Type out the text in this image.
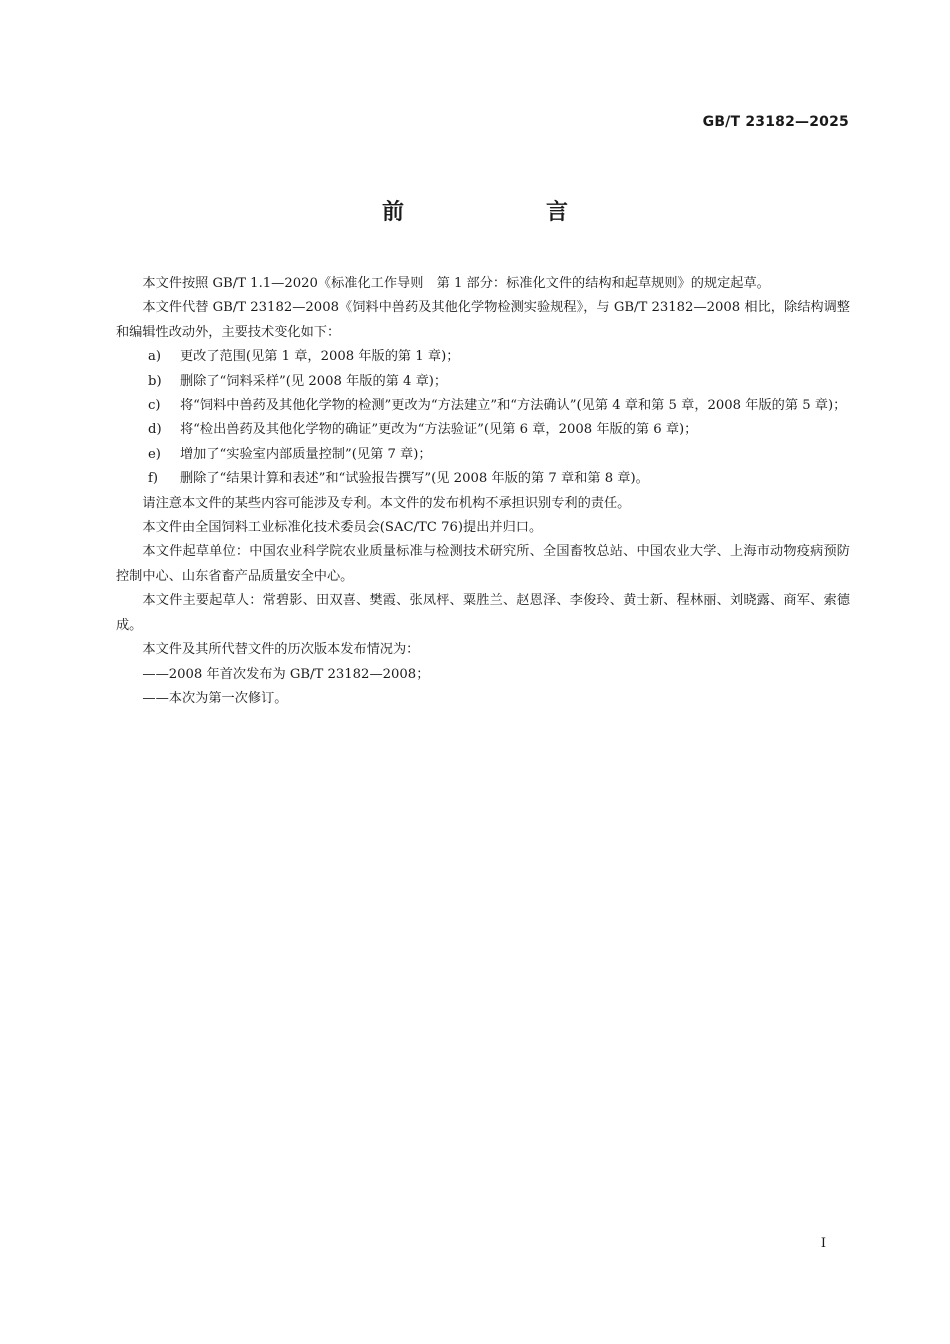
GB/T 23182—2025
前　言

本文件按照 GB/T 1.1—2020《标准化工作导则　第 1 部分：标准化文件的结构和起草规则》的规定起草。

本文件代替 GB/T 23182—2008《饲料中兽药及其他化学物检测实验规程》，与 GB/T 23182—2008 相比，除结构调整和编辑性改动外，主要技术变化如下：

a) 更改了范围(见第 1 章，2008 年版的第 1 章)；
b) 删除了“饲料采样”(见 2008 年版的第 4 章)；
c) 将“饲料中兽药及其他化学物的检测”更改为“方法建立”和“方法确认”(见第 4 章和第 5 章，2008 年版的第 5 章)；
d) 将“检出兽药及其他化学物的确证”更改为“方法验证”(见第 6 章，2008 年版的第 6 章)；
e) 增加了“实验室内部质量控制”(见第 7 章)；
f) 删除了“结果计算和表述”和“试验报告撰写”(见 2008 年版的第 7 章和第 8 章)。

请注意本文件的某些内容可能涉及专利。本文件的发布机构不承担识别专利的责任。

本文件由全国饲料工业标准化技术委员会(SAC/TC 76)提出并归口。

本文件起草单位：中国农业科学院农业质量标准与检测技术研究所、全国畜牧总站、中国农业大学、上海市动物疫病预防控制中心、山东省畜产品质量安全中心。

本文件主要起草人：常碧影、田双喜、樊霞、张凤枰、粟胜兰、赵恩泽、李俊玲、黄士新、程林丽、刘晓露、商军、索德成。

本文件及其所代替文件的历次版本发布情况为：

——2008 年首次发布为 GB/T 23182—2008；
——本次为第一次修订。
I
